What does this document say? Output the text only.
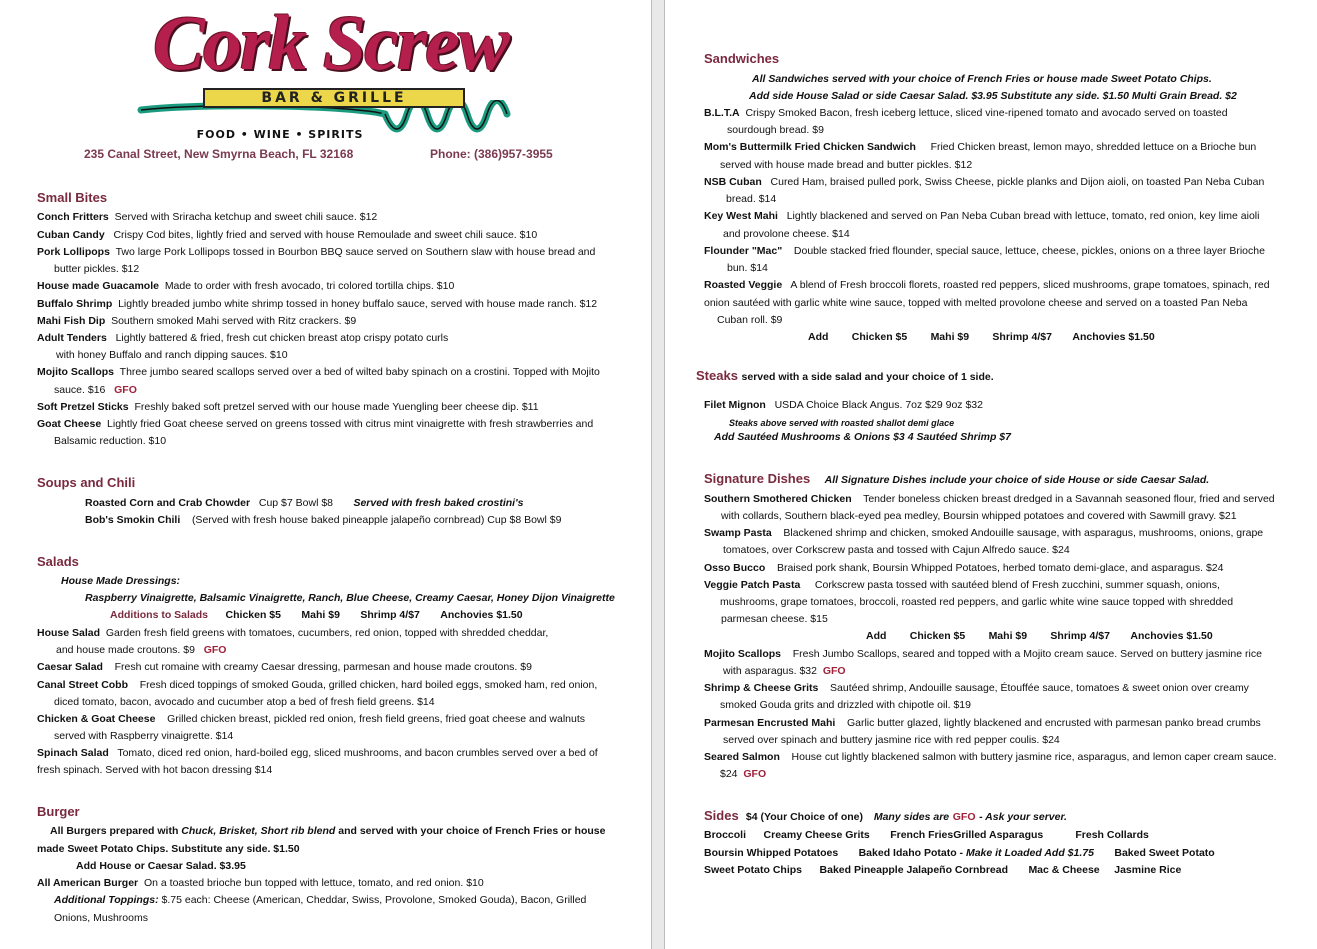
Cork Screw
BAR & GRILLE
FOOD • WINE • SPIRITS
235 Canal Street, New Smyrna Beach, FL 32168	Phone: (386)957-3955
Small Bites
Conch Fritters Served with Sriracha ketchup and sweet chili sauce. $12
Cuban Candy Crispy Cod bites, lightly fried and served with house Remoulade and sweet chili sauce. $10
Pork Lollipops Two large Pork Lollipops tossed in Bourbon BBQ sauce served on Southern slaw with house bread and
butter pickles. $12
House made Guacamole Made to order with fresh avocado, tri colored tortilla chips. $10
Buffalo Shrimp Lightly breaded jumbo white shrimp tossed in honey buffalo sauce, served with house made ranch. $12
Mahi Fish Dip Southern smoked Mahi served with Ritz crackers. $9
Adult Tenders Lightly battered & fried, fresh cut chicken breast atop crispy potato curls
with honey Buffalo and ranch dipping sauces. $10
Mojito Scallops Three jumbo seared scallops served over a bed of wilted baby spinach on a crostini. Topped with Mojito
sauce. $16 GFO
Soft Pretzel Sticks Freshly baked soft pretzel served with our house made Yuengling beer cheese dip. $11
Goat Cheese Lightly fried Goat cheese served on greens tossed with citrus mint vinaigrette with fresh strawberries and
Balsamic reduction. $10
Soups and Chili
Roasted Corn and Crab Chowder Cup $7 Bowl $8 Served with fresh baked crostini's
Bob's Smokin Chili (Served with fresh house baked pineapple jalapeño cornbread) Cup $8 Bowl $9
Salads
House Made Dressings:
Raspberry Vinaigrette, Balsamic Vinaigrette, Ranch, Blue Cheese, Creamy Caesar, Honey Dijon Vinaigrette
Additions to Salads Chicken $5 Mahi $9 Shrimp 4/$7 Anchovies $1.50
House Salad Garden fresh field greens with tomatoes, cucumbers, red onion, topped with shredded cheddar,
and house made croutons. $9 GFO
Caesar Salad Fresh cut romaine with creamy Caesar dressing, parmesan and house made croutons. $9
Canal Street Cobb Fresh diced toppings of smoked Gouda, grilled chicken, hard boiled eggs, smoked ham, red onion,
diced tomato, bacon, avocado and cucumber atop a bed of fresh field greens. $14
Chicken & Goat Cheese Grilled chicken breast, pickled red onion, fresh field greens, fried goat cheese and walnuts
served with Raspberry vinaigrette. $14
Spinach Salad Tomato, diced red onion, hard-boiled egg, sliced mushrooms, and bacon crumbles served over a bed of
fresh spinach. Served with hot bacon dressing $14
Burger
All Burgers prepared with Chuck, Brisket, Short rib blend and served with your choice of French Fries or house
made Sweet Potato Chips. Substitute any side. $1.50
Add House or Caesar Salad. $3.95
All American Burger On a toasted brioche bun topped with lettuce, tomato, and red onion. $10
Additional Toppings: $.75 each: Cheese (American, Cheddar, Swiss, Provolone, Smoked Gouda), Bacon, Grilled
Onions, Mushrooms
Sandwiches
All Sandwiches served with your choice of French Fries or house made Sweet Potato Chips.
Add side House Salad or side Caesar Salad. $3.95 Substitute any side. $1.50 Multi Grain Bread. $2
B.L.T.A Crispy Smoked Bacon, fresh iceberg lettuce, sliced vine-ripened tomato and avocado served on toasted
sourdough bread. $9
Mom's Buttermilk Fried Chicken Sandwich Fried Chicken breast, lemon mayo, shredded lettuce on a Brioche bun
served with house made bread and butter pickles. $12
NSB Cuban Cured Ham, braised pulled pork, Swiss Cheese, pickle planks and Dijon aioli, on toasted Pan Neba Cuban
bread. $14
Key West Mahi Lightly blackened and served on Pan Neba Cuban bread with lettuce, tomato, red onion, key lime aioli
and provolone cheese. $14
Flounder "Mac" Double stacked fried flounder, special sauce, lettuce, cheese, pickles, onions on a three layer Brioche
bun. $14
Roasted Veggie A blend of Fresh broccoli florets, roasted red peppers, sliced mushrooms, grape tomatoes, spinach, red
onion sautéed with garlic white wine sauce, topped with melted provolone cheese and served on a toasted Pan Neba
Cuban roll. $9
Add Chicken $5 Mahi $9 Shrimp 4/$7 Anchovies $1.50
Steaks served with a side salad and your choice of 1 side.
Filet Mignon USDA Choice Black Angus. 7oz $29 9oz $32
Steaks above served with roasted shallot demi glace
Add Sautéed Mushrooms & Onions $3 4 Sautéed Shrimp $7
Signature Dishes All Signature Dishes include your choice of side House or side Caesar Salad.
Southern Smothered Chicken Tender boneless chicken breast dredged in a Savannah seasoned flour, fried and served
with collards, Southern black-eyed pea medley, Boursin whipped potatoes and covered with Sawmill gravy. $21
Swamp Pasta Blackened shrimp and chicken, smoked Andouille sausage, with asparagus, mushrooms, onions, grape
tomatoes, over Corkscrew pasta and tossed with Cajun Alfredo sauce. $24
Osso Bucco Braised pork shank, Boursin Whipped Potatoes, herbed tomato demi-glace, and asparagus. $24
Veggie Patch Pasta Corkscrew pasta tossed with sautéed blend of Fresh zucchini, summer squash, onions,
mushrooms, grape tomatoes, broccoli, roasted red peppers, and garlic white wine sauce topped with shredded
parmesan cheese. $15
Add Chicken $5 Mahi $9 Shrimp 4/$7 Anchovies $1.50
Mojito Scallops Fresh Jumbo Scallops, seared and topped with a Mojito cream sauce. Served on buttery jasmine rice
with asparagus. $32 GFO
Shrimp & Cheese Grits Sautéed shrimp, Andouille sausage, Étouffée sauce, tomatoes & sweet onion over creamy
smoked Gouda grits and drizzled with chipotle oil. $19
Parmesan Encrusted Mahi Garlic butter glazed, lightly blackened and encrusted with parmesan panko bread crumbs
served over spinach and buttery jasmine rice with red pepper coulis. $24
Seared Salmon House cut lightly blackened salmon with buttery jasmine rice, asparagus, and lemon caper cream sauce.
$24 GFO
Sides $4 (Your Choice of one) Many sides are GFO - Ask your server.
Broccoli Creamy Cheese Grits French FriesGrilled Asparagus	Fresh Collards
Boursin Whipped Potatoes Baked Idaho Potato - Make it Loaded Add $1.75 Baked Sweet Potato
Sweet Potato Chips Baked Pineapple Jalapeño Cornbread Mac & Cheese Jasmine Rice
